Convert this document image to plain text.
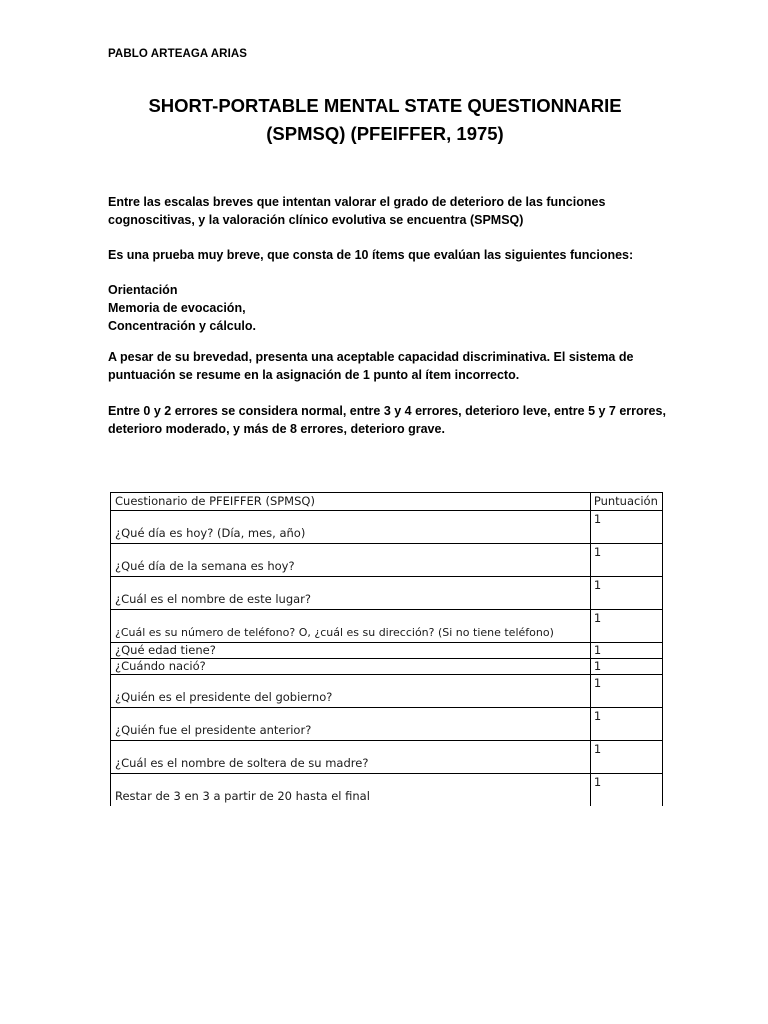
PABLO ARTEAGA ARIAS
SHORT-PORTABLE MENTAL STATE QUESTIONNARIE
(SPMSQ) (PFEIFFER, 1975)
Entre las escalas breves que intentan valorar el grado de deterioro de las funciones cognoscitivas, y la valoración clínico evolutiva se encuentra (SPMSQ)
Es una prueba muy breve, que consta de 10 ítems que evalúan las siguientes funciones:
Orientación
Memoria de evocación,
Concentración y cálculo.
A pesar de su brevedad, presenta una aceptable capacidad discriminativa. El sistema de puntuación se resume en la asignación de 1 punto al ítem incorrecto.
Entre 0 y 2 errores se considera normal, entre 3 y 4 errores, deterioro leve, entre 5 y 7 errores, deterioro moderado, y más de 8 errores, deterioro grave.
Cuestionario de PFEIFFER (SPMSQ)	Puntuación
¿Qué día es hoy? (Día, mes, año)	1
¿Qué día de la semana es hoy?	1
¿Cuál es el nombre de este lugar?	1
¿Cuál es su número de teléfono? O, ¿cuál es su dirección? (Si no tiene teléfono)	1
¿Qué edad tiene?	1
¿Cuándo nació?	1
¿Quién es el presidente del gobierno?	1
¿Quién fue el presidente anterior?	1
¿Cuál es el nombre de soltera de su madre?	1
Restar de 3 en 3 a partir de 20 hasta el final	1
